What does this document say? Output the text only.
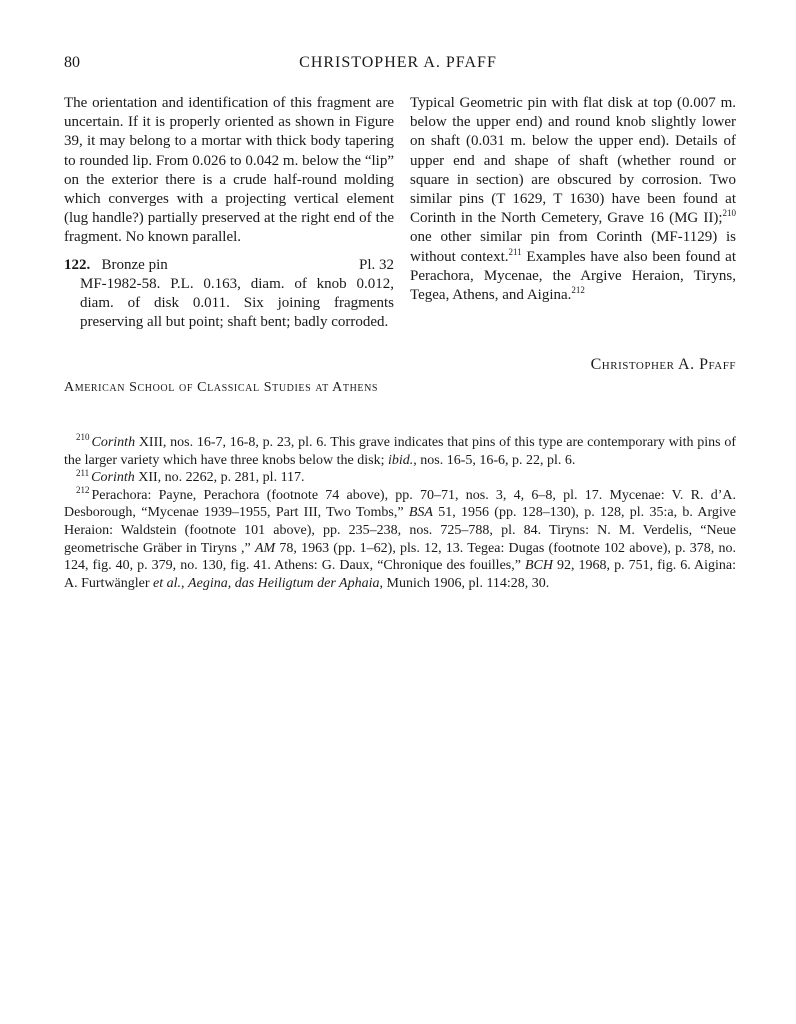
80	CHRISTOPHER A. PFAFF

The orientation and identification of this fragment are uncertain. If it is properly oriented as shown in Figure 39, it may belong to a mortar with thick body tapering to rounded lip. From 0.026 to 0.042 m. below the “lip” on the exterior there is a crude half-round molding which converges with a projecting vertical element (lug handle?) partially preserved at the right end of the fragment. No known parallel.

122. Bronze pin	Pl. 32

MF-1982-58. P.L. 0.163, diam. of knob 0.012, diam. of disk 0.011. Six joining fragments preserving all but point; shaft bent; badly corroded.

Typical Geometric pin with flat disk at top (0.007 m. below the upper end) and round knob slightly lower on shaft (0.031 m. below the upper end). Details of upper end and shape of shaft (whether round or square in section) are obscured by corrosion. Two similar pins (T 1629, T 1630) have been found at Corinth in the North Cemetery, Grave 16 (MG II);$^{210}$ one other similar pin from Corinth (MF-1129) is without context.$^{211}$ Examples have also been found at Perachora, Mycenae, the Argive Heraion, Tiryns, Tegea, Athens, and Aigina.$^{212}$

Christopher A. Pfaff
American School of Classical Studies at Athens

$^{210}$ Corinth XIII, nos. 16-7, 16-8, p. 23, pl. 6. This grave indicates that pins of this type are contemporary with pins of the larger variety which have three knobs below the disk; ibid., nos. 16-5, 16-6, p. 22, pl. 6.

$^{211}$ Corinth XII, no. 2262, p. 281, pl. 117.

$^{212}$ Perachora: Payne, Perachora (footnote 74 above), pp. 70–71, nos. 3, 4, 6–8, pl. 17. Mycenae: V. R. d’A. Desborough, “Mycenae 1939–1955, Part III, Two Tombs,” BSA 51, 1956 (pp. 128–130), p. 128, pl. 35:a, b. Argive Heraion: Waldstein (footnote 101 above), pp. 235–238, nos. 725–788, pl. 84. Tiryns: N. M. Verdelis, “Neue geometrische Gräber in Tiryns ,” AM 78, 1963 (pp. 1–62), pls. 12, 13. Tegea: Dugas (footnote 102 above), p. 378, no. 124, fig. 40, p. 379, no. 130, fig. 41. Athens: G. Daux, “Chronique des fouilles,” BCH 92, 1968, p. 751, fig. 6. Aigina: A. Furtwängler et al., Aegina, das Heiligtum der Aphaia, Munich 1906, pl. 114:28, 30.
